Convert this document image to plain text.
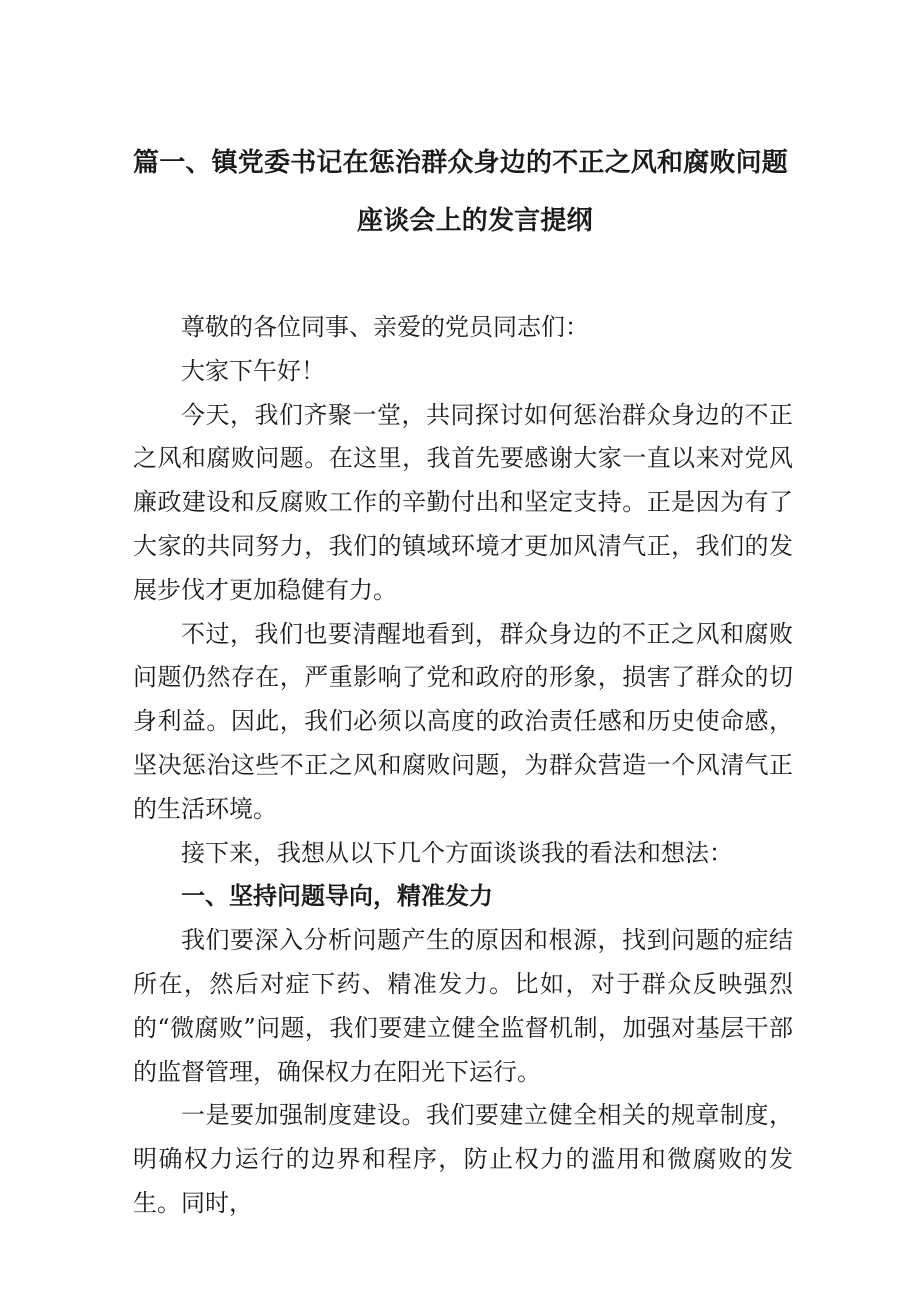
篇一、镇党委书记在惩治群众身边的不正之风和腐败问题
座谈会上的发言提纲

尊敬的各位同事、亲爱的党员同志们：

大家下午好！

今天，我们齐聚一堂，共同探讨如何惩治群众身边的不正之风和腐败问题。在这里，我首先要感谢大家一直以来对党风廉政建设和反腐败工作的辛勤付出和坚定支持。正是因为有了大家的共同努力，我们的镇域环境才更加风清气正，我们的发展步伐才更加稳健有力。

不过，我们也要清醒地看到，群众身边的不正之风和腐败问题仍然存在，严重影响了党和政府的形象，损害了群众的切身利益。因此，我们必须以高度的政治责任感和历史使命感，坚决惩治这些不正之风和腐败问题，为群众营造一个风清气正的生活环境。

接下来，我想从以下几个方面谈谈我的看法和想法：

一、坚持问题导向，精准发力

我们要深入分析问题产生的原因和根源，找到问题的症结所在，然后对症下药、精准发力。比如，对于群众反映强烈的“微腐败”问题，我们要建立健全监督机制，加强对基层干部的监督管理，确保权力在阳光下运行。

一是要加强制度建设。我们要建立健全相关的规章制度，明确权力运行的边界和程序，防止权力的滥用和微腐败的发生。同时，
